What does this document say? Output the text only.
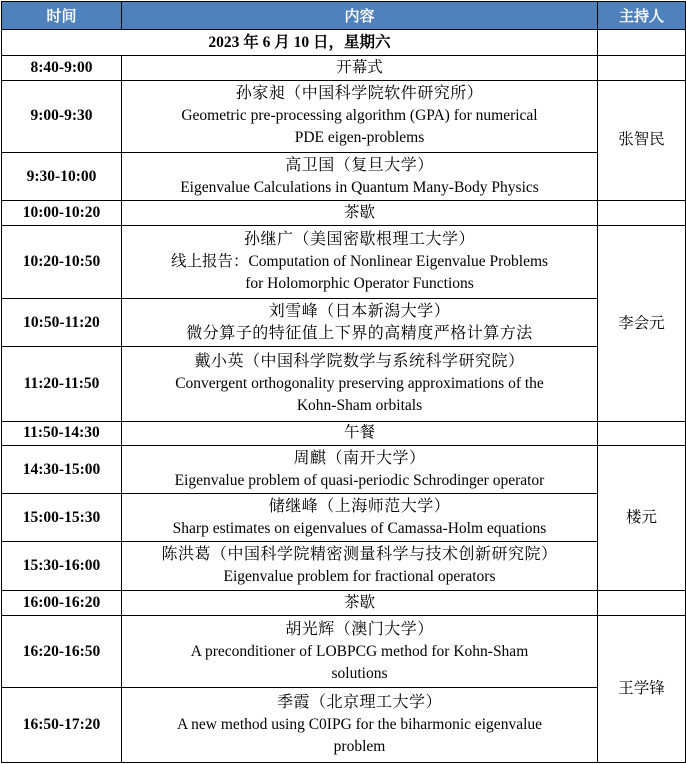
时间	内容	主持人
2023 年 6 月 10 日，星期六		
8:40-9:00	开幕式	
9:00-9:30	孙家昶（中国科学院软件研究所）
Geometric pre-processing algorithm (GPA) for numerical
PDE eigen-problems	张智民
9:30-10:00	高卫国（复旦大学）
Eigenvalue Calculations in Quantum Many-Body Physics	

10:00-10:20	茶歇	
10:20-10:50	孙继广（美国密歇根理工大学）
线上报告：Computation of Nonlinear Eigenvalue Problems
for Holomorphic Operator Functions	李会元
10:50-11:20	刘雪峰（日本新潟大学）
微分算子的特征值上下界的高精度严格计算方法	

11:20-11:50	戴小英（中国科学院数学与系统科学研究院）
Convergent orthogonality preserving approximations of the
Kohn-Sham orbitals	

11:50-14:30	午餐	
14:30-15:00	周麒（南开大学）
Eigenvalue problem of quasi-periodic Schrodinger operator	楼元
15:00-15:30	储继峰（上海师范大学）
Sharp estimates on eigenvalues of Camassa-Holm equations	

15:30-16:00	陈洪葛（中国科学院精密测量科学与技术创新研究院）
Eigenvalue problem for fractional operators	

16:00-16:20	茶歇	
16:20-16:50	胡光辉（澳门大学）
A preconditioner of LOBPCG method for Kohn-Sham
solutions	王学锋
16:50-17:20	季霞（北京理工大学）
A new method using C0IPG for the biharmonic eigenvalue
problem	
